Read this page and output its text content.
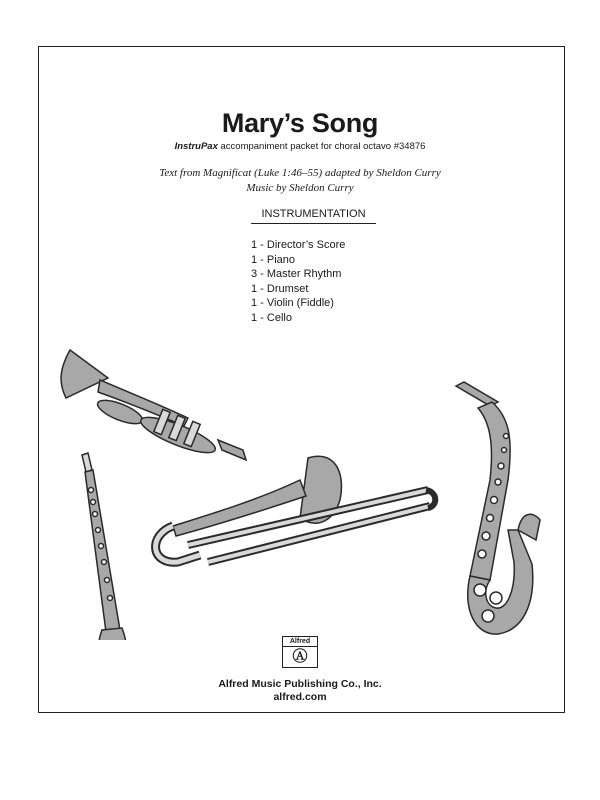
Mary’s Song
InstruPax accompaniment packet for choral octavo #34876
Text from Magnificat (Luke 1:46–55) adapted by Sheldon Curry
Music by Sheldon Curry
INSTRUMENTATION
1 - Director’s Score
1 - Piano
3 - Master Rhythm
1 - Drumset
1 - Violin (Fiddle)
1 - Cello
Alfred
Ⓐ
Alfred Music Publishing Co., Inc.
alfred.com
